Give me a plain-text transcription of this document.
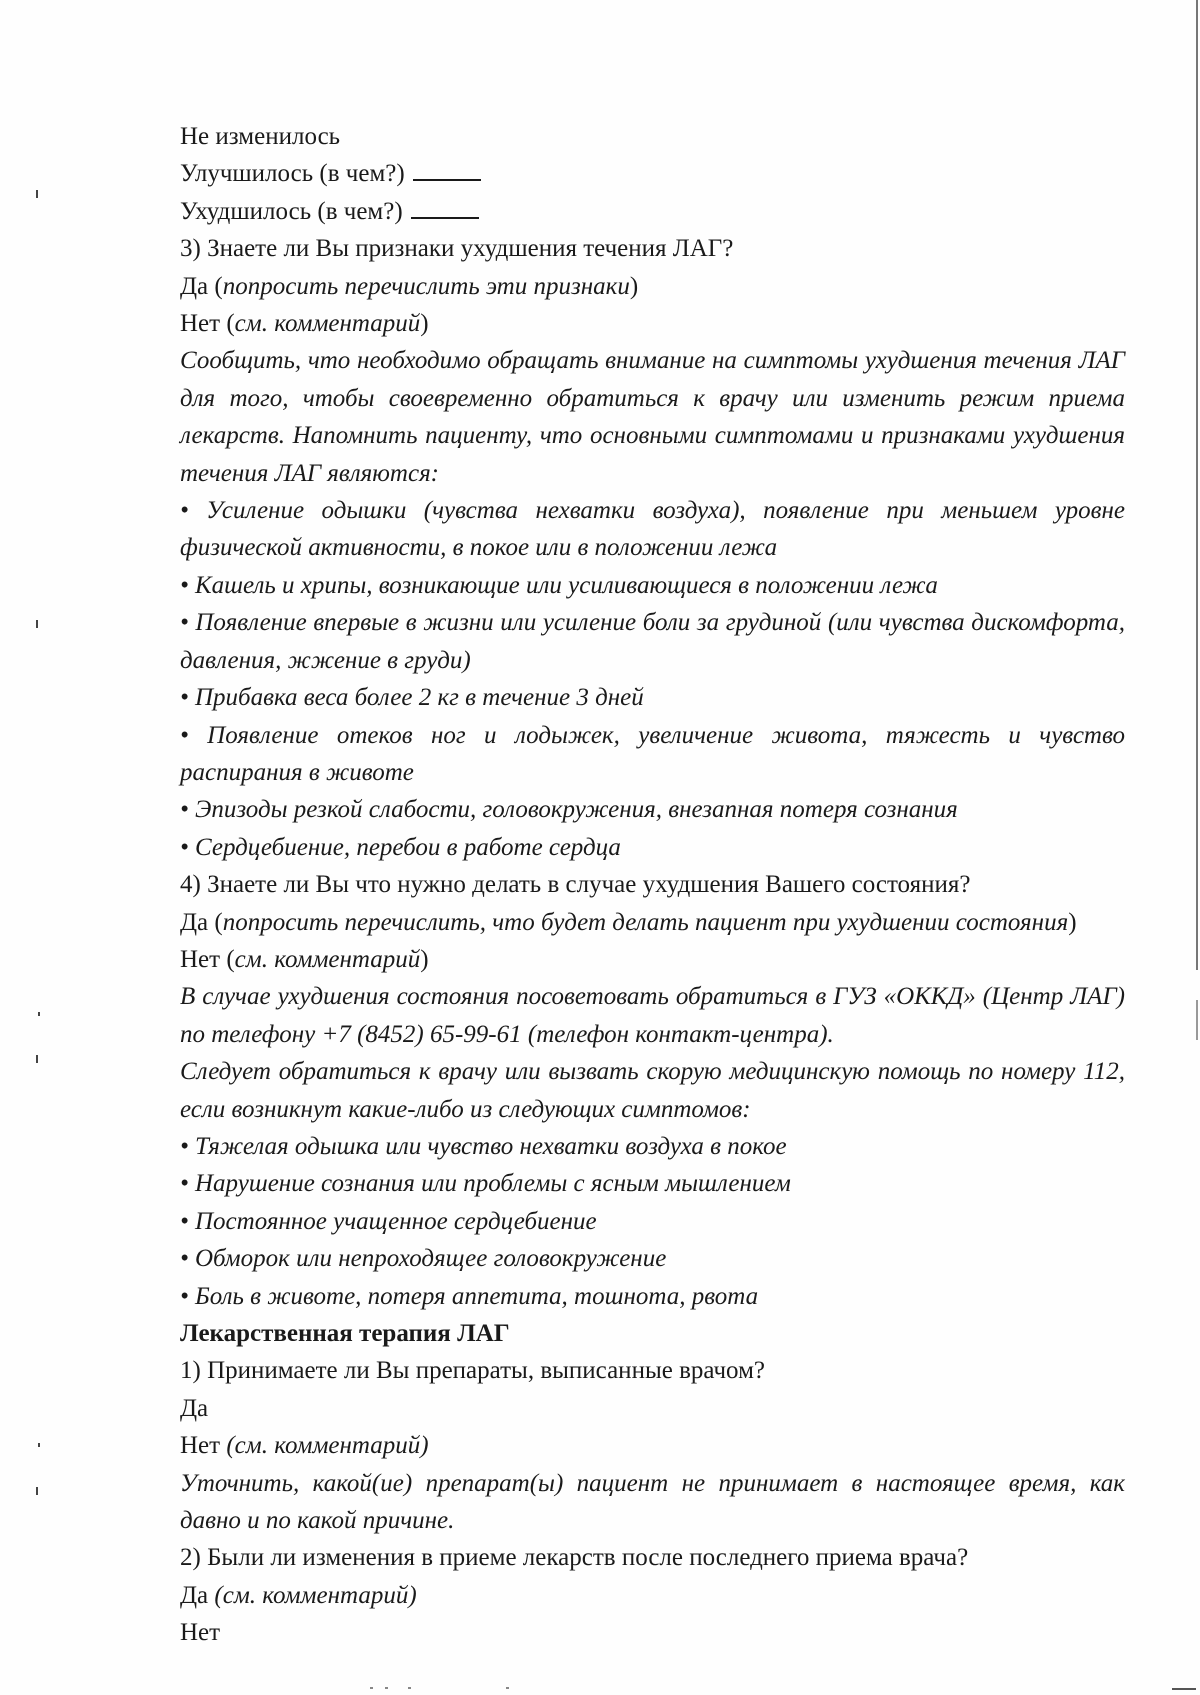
Не изменилось

Улучшилось (в чем?)

Ухудшилось (в чем?)

3) Знаете ли Вы признаки ухудшения течения ЛАГ?

Да (попросить перечислить эти признаки)

Нет (см. комментарий)

Сообщить, что необходимо обращать внимание на симптомы ухудшения течения ЛАГ для того, чтобы своевременно обратиться к врачу или изменить режим приема лекарств. Напомнить пациенту, что основными симптомами и признаками ухудшения течения ЛАГ являются:

• Усиление одышки (чувства нехватки воздуха), появление при меньшем уровне физической активности, в покое или в положении лежа

• Кашель и хрипы, возникающие или усиливающиеся в положении лежа

• Появление впервые в жизни или усиление боли за грудиной (или чувства дискомфорта, давления, жжение в груди)

• Прибавка веса более 2 кг в течение 3 дней

• Появление отеков ног и лодыжек, увеличение живота, тяжесть и чувство распирания в животе

• Эпизоды резкой слабости, головокружения, внезапная потеря сознания

• Сердцебиение, перебои в работе сердца

4) Знаете ли Вы что нужно делать в случае ухудшения Вашего состояния?

Да (попросить перечислить, что будет делать пациент при ухудшении состояния)

Нет (см. комментарий)

В случае ухудшения состояния посоветовать обратиться в ГУЗ «ОККД» (Центр ЛАГ) по телефону +7 (8452) 65-99-61 (телефон контакт-центра).

Следует обратиться к врачу или вызвать скорую медицинскую помощь по номеру 112, если возникнут какие-либо из следующих симптомов:

• Тяжелая одышка или чувство нехватки воздуха в покое

• Нарушение сознания или проблемы с ясным мышлением

• Постоянное учащенное сердцебиение

• Обморок или непроходящее головокружение

• Боль в животе, потеря аппетита, тошнота, рвота

Лекарственная терапия ЛАГ

1) Принимаете ли Вы препараты, выписанные врачом?

Да

Нет (см. комментарий)

Уточнить, какой(ие) препарат(ы) пациент не принимает в настоящее время, как давно и по какой причине.

2) Были ли изменения в приеме лекарств после последнего приема врача?

Да (см. комментарий)

Нет
